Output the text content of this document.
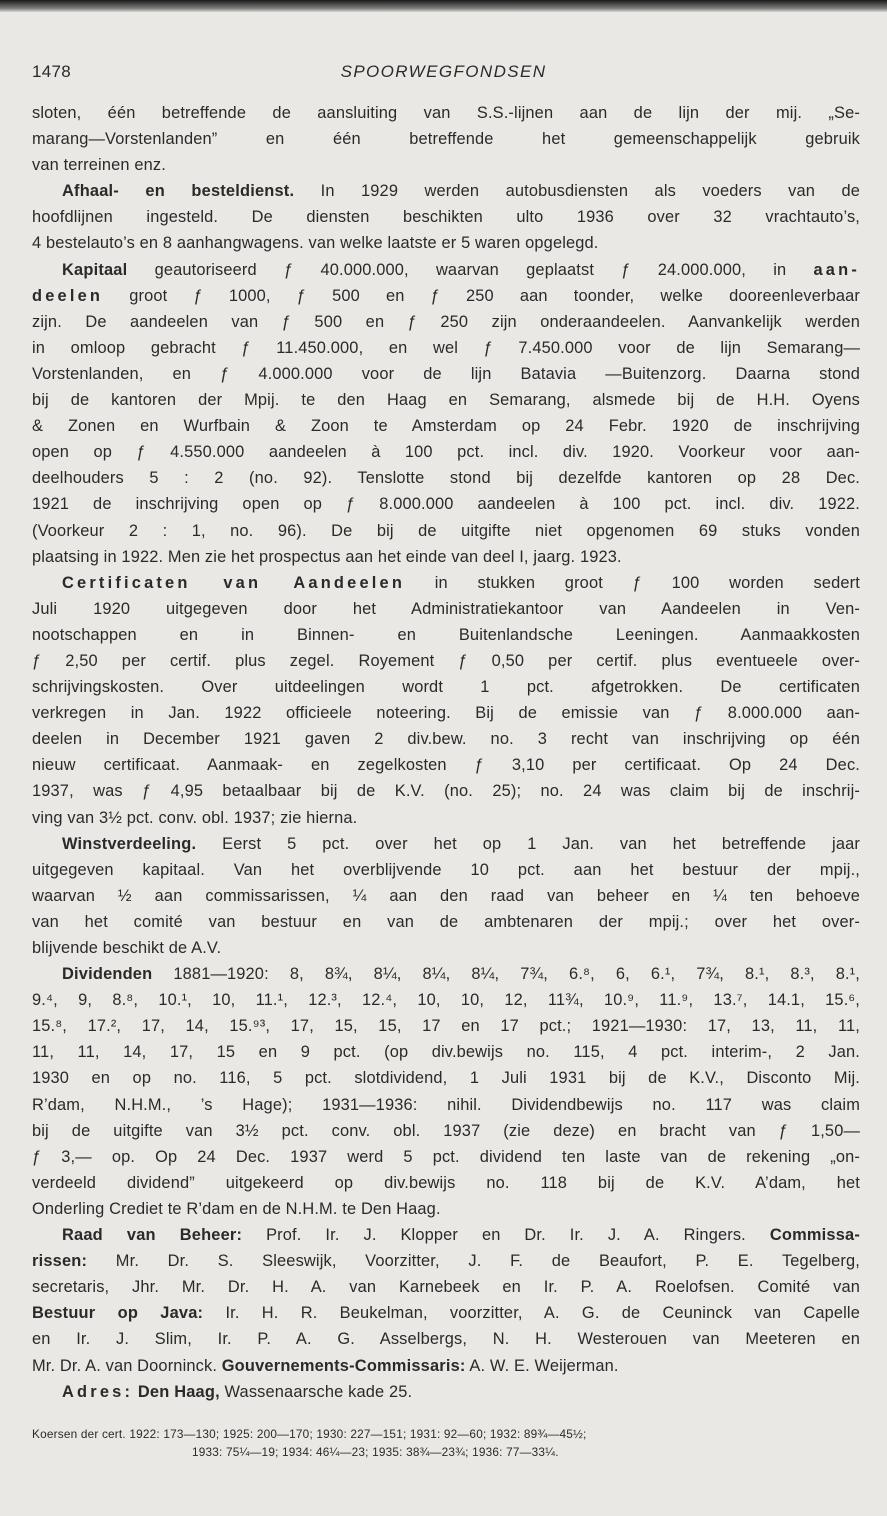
1478	SPOORWEGFONDSEN

sloten, één betreffende de aansluiting van S.S.-lijnen aan de lijn der mij. „Se-

marang—Vorstenlanden” en één betreffende het gemeenschappelijk gebruik

van terreinen enz.

Afhaal- en besteldienst. In 1929 werden autobusdiensten als voeders van de

hoofdlijnen ingesteld. De diensten beschikten ulto 1936 over 32 vrachtauto’s,

4 bestelauto’s en 8 aanhangwagens. van welke laatste er 5 waren opgelegd.

Kapitaal geautoriseerd ƒ 40.000.000, waarvan geplaatst ƒ 24.000.000, in aan-

deelen groot ƒ 1000, ƒ 500 en ƒ 250 aan toonder, welke dooreenleverbaar

zijn. De aandeelen van ƒ 500 en ƒ 250 zijn onderaandeelen. Aanvankelijk werden

in omloop gebracht ƒ 11.450.000, en wel ƒ 7.450.000 voor de lijn Semarang—

Vorstenlanden, en ƒ 4.000.000 voor de lijn Batavia —Buitenzorg. Daarna stond

bij de kantoren der Mpij. te den Haag en Semarang, alsmede bij de H.H. Oyens

& Zonen en Wurfbain & Zoon te Amsterdam op 24 Febr. 1920 de inschrijving

open op ƒ 4.550.000 aandeelen à 100 pct. incl. div. 1920. Voorkeur voor aan-

deelhouders 5 : 2 (no. 92). Tenslotte stond bij dezelfde kantoren op 28 Dec.

1921 de inschrijving open op ƒ 8.000.000 aandeelen à 100 pct. incl. div. 1922.

(Voorkeur 2 : 1, no. 96). De bij de uitgifte niet opgenomen 69 stuks vonden

plaatsing in 1922. Men zie het prospectus aan het einde van deel I, jaarg. 1923.

Certificaten van Aandeelen in stukken groot ƒ 100 worden sedert

Juli 1920 uitgegeven door het Administratiekantoor van Aandeelen in Ven-

nootschappen en in Binnen- en Buitenlandsche Leeningen. Aanmaakkosten

ƒ 2,50 per certif. plus zegel. Royement ƒ 0,50 per certif. plus eventueele over-

schrijvingskosten. Over uitdeelingen wordt 1 pct. afgetrokken. De certificaten

verkregen in Jan. 1922 officieele noteering. Bij de emissie van ƒ 8.000.000 aan-

deelen in December 1921 gaven 2 div.bew. no. 3 recht van inschrijving op één

nieuw certificaat. Aanmaak- en zegelkosten ƒ 3,10 per certificaat. Op 24 Dec.

1937, was ƒ 4,95 betaalbaar bij de K.V. (no. 25); no. 24 was claim bij de inschrij-

ving van 3½ pct. conv. obl. 1937; zie hierna.

Winstverdeeling. Eerst 5 pct. over het op 1 Jan. van het betreffende jaar

uitgegeven kapitaal. Van het overblijvende 10 pct. aan het bestuur der mpij.,

waarvan ½ aan commissarissen, ¼ aan den raad van beheer en ¼ ten behoeve

van het comité van bestuur en van de ambtenaren der mpij.; over het over-

blijvende beschikt de A.V.

Dividenden 1881—1920: 8, 8¾, 8¼, 8¼, 8¼, 7¾, 6.⁸, 6, 6.¹, 7¾, 8.¹, 8.³, 8.¹,

9.⁴, 9, 8.⁸, 10.¹, 10, 11.¹, 12.³, 12.⁴, 10, 10, 12, 11¾, 10.⁹, 11.⁹, 13.⁷, 14.1, 15.⁶,

15.⁸, 17.², 17, 14, 15.⁹³, 17, 15, 15, 17 en 17 pct.; 1921—1930: 17, 13, 11, 11,

11, 11, 14, 17, 15 en 9 pct. (op div.bewijs no. 115, 4 pct. interim-, 2 Jan.

1930 en op no. 116, 5 pct. slotdividend, 1 Juli 1931 bij de K.V., Disconto Mij.

R’dam, N.H.M., ’s Hage); 1931—1936: nihil. Dividendbewijs no. 117 was claim

bij de uitgifte van 3½ pct. conv. obl. 1937 (zie deze) en bracht van ƒ 1,50—

ƒ 3,— op. Op 24 Dec. 1937 werd 5 pct. dividend ten laste van de rekening „on-

verdeeld dividend” uitgekeerd op div.bewijs no. 118 bij de K.V. A’dam, het

Onderling Crediet te R’dam en de N.H.M. te Den Haag.

Raad van Beheer: Prof. Ir. J. Klopper en Dr. Ir. J. A. Ringers. Commissa-

rissen: Mr. Dr. S. Sleeswijk, Voorzitter, J. F. de Beaufort, P. E. Tegelberg,

secretaris, Jhr. Mr. Dr. H. A. van Karnebeek en Ir. P. A. Roelofsen. Comité van

Bestuur op Java: Ir. H. R. Beukelman, voorzitter, A. G. de Ceuninck van Capelle

en Ir. J. Slim, Ir. P. A. G. Asselbergs, N. H. Westerouen van Meeteren en

Mr. Dr. A. van Doorninck. Gouvernements-Commissaris: A. W. E. Weijerman.

Adres: Den Haag, Wassenaarsche kade 25.

Koersen der cert. 1922: 173—130; 1925: 200—170; 1930: 227—151; 1931: 92—60; 1932: 89¾—45½;

1933: 75¼—19; 1934: 46¼—23; 1935: 38¾—23¾; 1936: 77—33¼.
